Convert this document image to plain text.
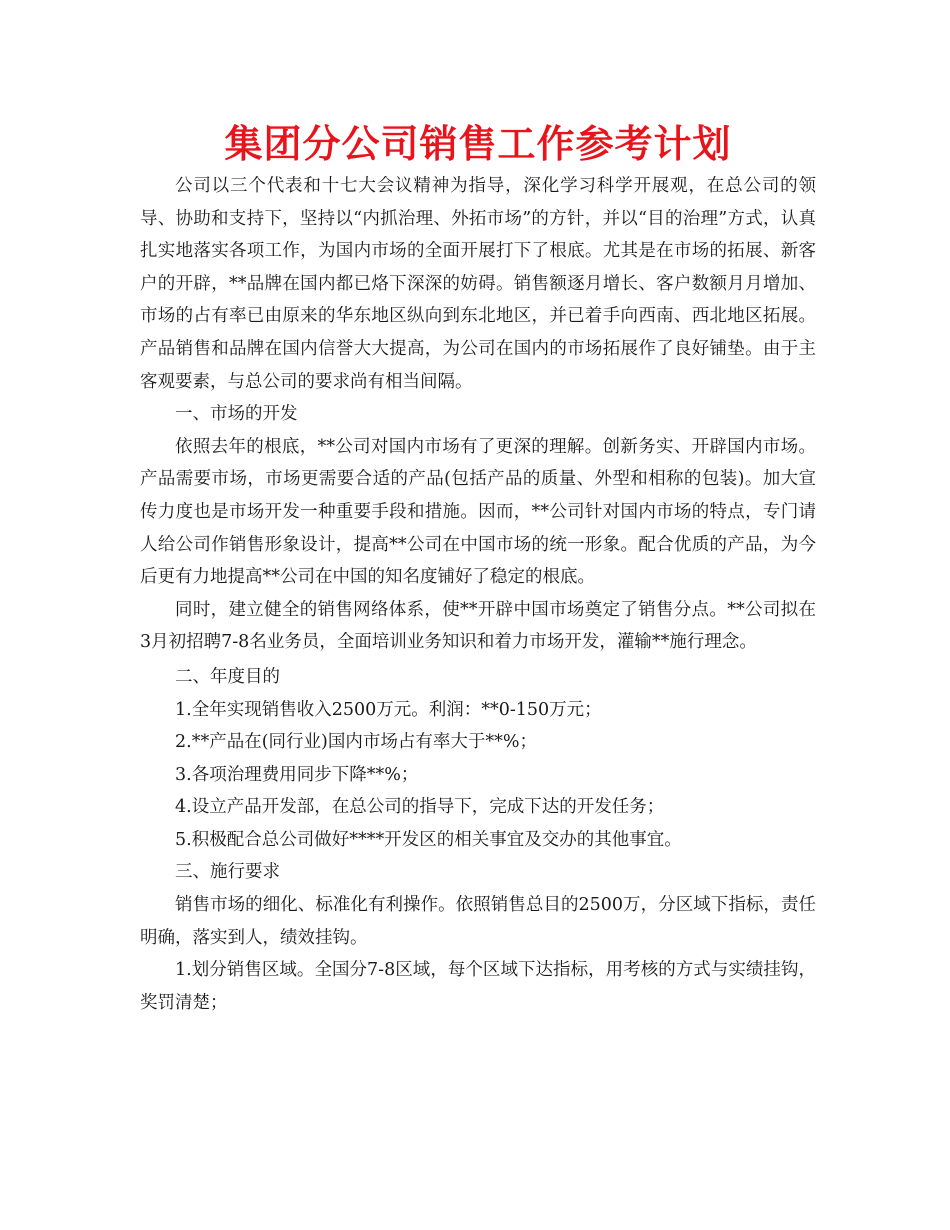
集团分公司销售工作参考计划

公司以三个代表和十七大会议精神为指导，深化学习科学开展观，在总公司的领导、协助和支持下，坚持以“内抓治理、外拓市场”的方针，并以“目的治理”方式，认真扎实地落实各项工作，为国内市场的全面开展打下了根底。尤其是在市场的拓展、新客户的开辟，**品牌在国内都已烙下深深的妨碍。销售额逐月增长、客户数额月月增加、市场的占有率已由原来的华东地区纵向到东北地区，并已着手向西南、西北地区拓展。产品销售和品牌在国内信誉大大提高，为公司在国内的市场拓展作了良好铺垫。由于主客观要素，与总公司的要求尚有相当间隔。

一、市场的开发

依照去年的根底，**公司对国内市场有了更深的理解。创新务实、开辟国内市场。产品需要市场，市场更需要合适的产品(包括产品的质量、外型和相称的包装)。加大宣传力度也是市场开发一种重要手段和措施。因而，**公司针对国内市场的特点，专门请人给公司作销售形象设计，提高**公司在中国市场的统一形象。配合优质的产品，为今后更有力地提高**公司在中国的知名度铺好了稳定的根底。

同时，建立健全的销售网络体系，使**开辟中国市场奠定了销售分点。**公司拟在3月初招聘7-8名业务员，全面培训业务知识和着力市场开发，灌输**施行理念。

二、年度目的

1.全年实现销售收入2500万元。利润：**0-150万元；

2.**产品在(同行业)国内市场占有率大于**%；

3.各项治理费用同步下降**%；

4.设立产品开发部，在总公司的指导下，完成下达的开发任务；

5.积极配合总公司做好****开发区的相关事宜及交办的其他事宜。

三、施行要求

销售市场的细化、标准化有利操作。依照销售总目的2500万，分区域下指标，责任明确，落实到人，绩效挂钩。

1.划分销售区域。全国分7-8区域，每个区域下达指标，用考核的方式与实绩挂钩，奖罚清楚；
